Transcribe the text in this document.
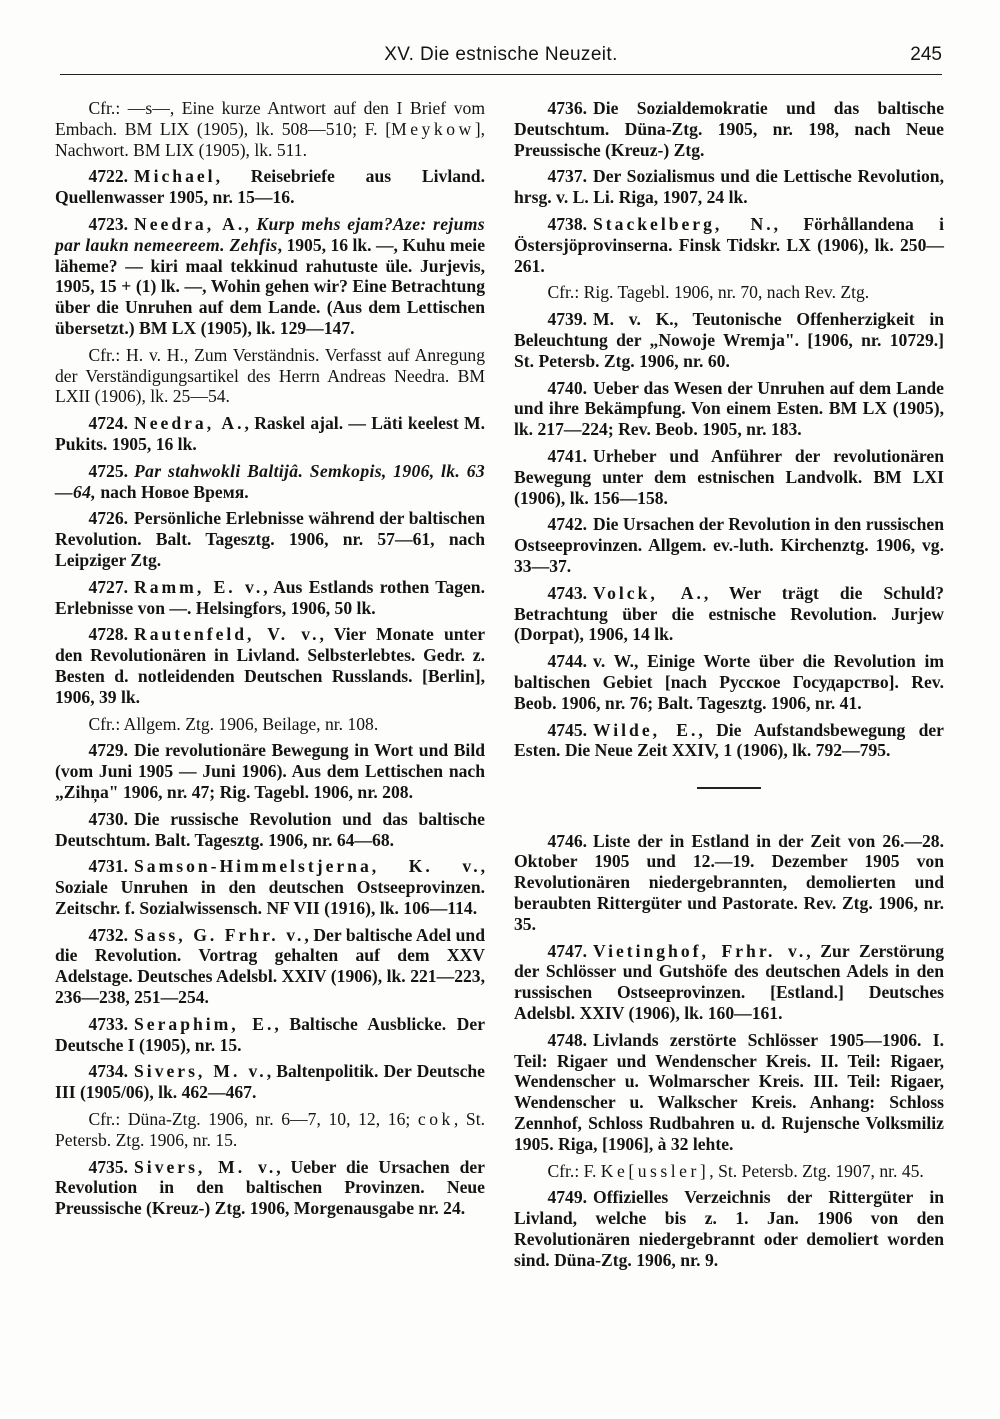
XV. Die estnische Neuzeit.	245

Cfr.: —s—, Eine kurze Antwort auf den I Brief vom Embach. BM LIX (1905), lk. 508—510; F. [Meykow], Nachwort. BM LIX (1905), lk. 511.

4722. Michael, Reisebriefe aus Livland. Quellenwasser 1905, nr. 15—16.

4723. Needra, A., Kurp mehs ejam?Aze: rejums par laukn nemeereem. Zehfis, 1905, 16 lk. —, Kuhu meie läheme? — kiri maal tekkinud rahutuste üle. Jurjevis, 1905, 15 + (1) lk. —, Wohin gehen wir? Eine Betrachtung über die Unruhen auf dem Lande. (Aus dem Lettischen übersetzt.) BM LX (1905), lk. 129—147.

Cfr.: H. v. H., Zum Verständnis. Verfasst auf Anregung der Verständigungsartikel des Herrn Andreas Needra. BM LXII (1906), lk. 25—54.

4724. Needra, A., Raskel ajal. — Läti keelest M. Pukits. 1905, 16 lk.

4725. Par stahwokli Baltijâ. Semkopis, 1906, lk. 63—64, nach Новое Время.

4726. Persönliche Erlebnisse während der baltischen Revolution. Balt. Tagesztg. 1906, nr. 57—61, nach Leipziger Ztg.

4727. Ramm, E. v., Aus Estlands rothen Tagen. Erlebnisse von —. Helsingfors, 1906, 50 lk.

4728. Rautenfeld, V. v., Vier Monate unter den Revolutionären in Livland. Selbsterlebtes. Gedr. z. Besten d. notleidenden Deutschen Russlands. [Berlin], 1906, 39 lk.

Cfr.: Allgem. Ztg. 1906, Beilage, nr. 108.

4729. Die revolutionäre Bewegung in Wort und Bild (vom Juni 1905 — Juni 1906). Aus dem Lettischen nach „Zihņa" 1906, nr. 47; Rig. Tagebl. 1906, nr. 208.

4730. Die russische Revolution und das baltische Deutschtum. Balt. Tagesztg. 1906, nr. 64—68.

4731. Samson-Himmelstjerna, K. v., Soziale Unruhen in den deutschen Ostseeprovinzen. Zeitschr. f. Sozialwissensch. NF VII (1916), lk. 106—114.

4732. Sass, G. Frhr. v., Der baltische Adel und die Revolution. Vortrag gehalten auf dem XXV Adelstage. Deutsches Adelsbl. XXIV (1906), lk. 221—223, 236—238, 251—254.

4733. Seraphim, E., Baltische Ausblicke. Der Deutsche I (1905), nr. 15.

4734. Sivers, M. v., Baltenpolitik. Der Deutsche III (1905/06), lk. 462—467.

Cfr.: Düna-Ztg. 1906, nr. 6—7, 10, 12, 16; cok, St. Petersb. Ztg. 1906, nr. 15.

4735. Sivers, M. v., Ueber die Ursachen der Revolution in den baltischen Provinzen. Neue Preussische (Kreuz-) Ztg. 1906, Morgenausgabe nr. 24.

4736. Die Sozialdemokratie und das baltische Deutschtum. Düna-Ztg. 1905, nr. 198, nach Neue Preussische (Kreuz-) Ztg.

4737. Der Sozialismus und die Lettische Revolution, hrsg. v. L. Li. Riga, 1907, 24 lk.

4738. Stackelberg, N., Förhållandena i Östersjöprovinserna. Finsk Tidskr. LX (1906), lk. 250—261.

Cfr.: Rig. Tagebl. 1906, nr. 70, nach Rev. Ztg.

4739. M. v. K., Teutonische Offenherzigkeit in Beleuchtung der „Nowoje Wremja". [1906, nr. 10729.] St. Petersb. Ztg. 1906, nr. 60.

4740. Ueber das Wesen der Unruhen auf dem Lande und ihre Bekämpfung. Von einem Esten. BM LX (1905), lk. 217—224; Rev. Beob. 1905, nr. 183.

4741. Urheber und Anführer der revolutionären Bewegung unter dem estnischen Landvolk. BM LXI (1906), lk. 156—158.

4742. Die Ursachen der Revolution in den russischen Ostseeprovinzen. Allgem. ev.-luth. Kirchenztg. 1906, vg. 33—37.

4743. Volck, A., Wer trägt die Schuld? Betrachtung über die estnische Revolution. Jurjew (Dorpat), 1906, 14 lk.

4744. v. W., Einige Worte über die Revolution im baltischen Gebiet [nach Русское Государство]. Rev. Beob. 1906, nr. 76; Balt. Tagesztg. 1906, nr. 41.

4745. Wilde, E., Die Aufstandsbewegung der Esten. Die Neue Zeit XXIV, 1 (1906), lk. 792—795.

4746. Liste der in Estland in der Zeit von 26.—28. Oktober 1905 und 12.—19. Dezember 1905 von Revolutionären niedergebrannten, demolierten und beraubten Rittergüter und Pastorate. Rev. Ztg. 1906, nr. 35.

4747. Vietinghof, Frhr. v., Zur Zerstörung der Schlösser und Gutshöfe des deutschen Adels in den russischen Ostseeprovinzen. [Estland.] Deutsches Adelsbl. XXIV (1906), lk. 160—161.

4748. Livlands zerstörte Schlösser 1905—1906. I. Teil: Rigaer und Wendenscher Kreis. II. Teil: Rigaer, Wendenscher u. Wolmarscher Kreis. III. Teil: Rigaer, Wendenscher u. Walkscher Kreis. Anhang: Schloss Zennhof, Schloss Rudbahren u. d. Rujensche Volksmiliz 1905. Riga, [1906], à 32 lehte.

Cfr.: F. Ke[ussler], St. Petersb. Ztg. 1907, nr. 45.

4749. Offizielles Verzeichnis der Rittergüter in Livland, welche bis z. 1. Jan. 1906 von den Revolutionären niedergebrannt oder demoliert worden sind. Düna-Ztg. 1906, nr. 9.
